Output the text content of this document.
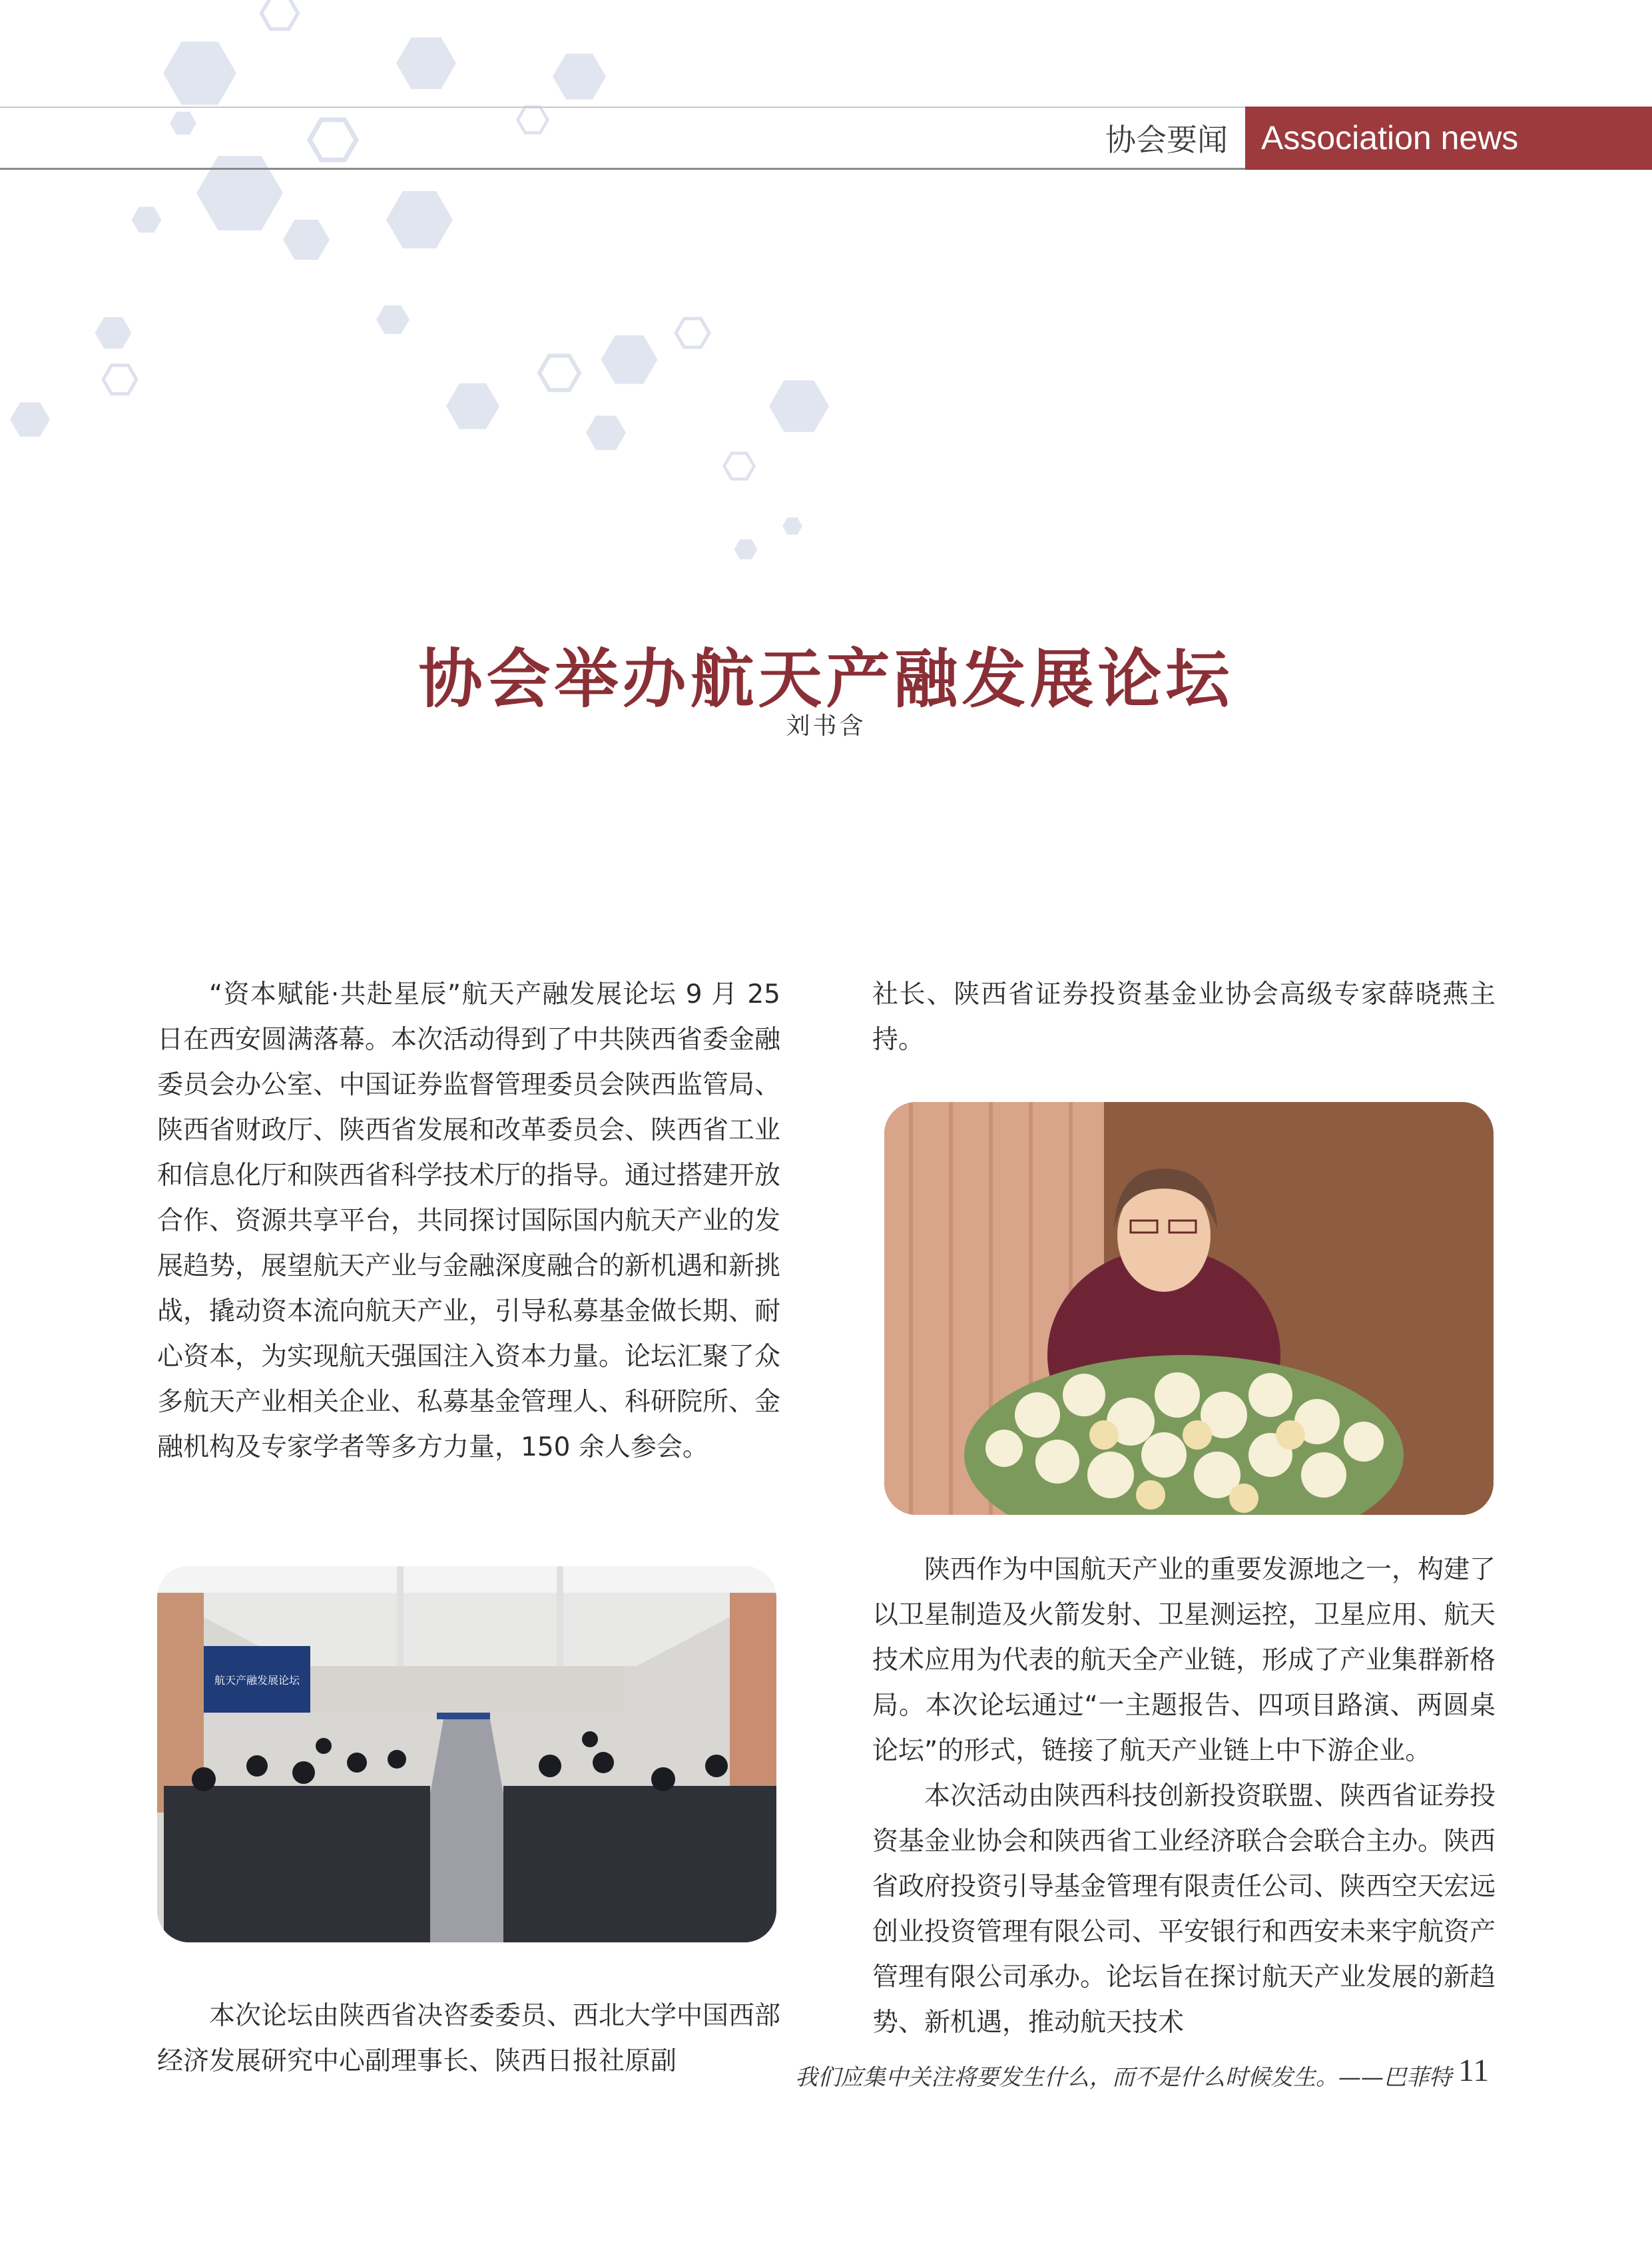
协会要闻	Association news
协会举办航天产融发展论坛
刘书含

“资本赋能·共赴星辰”航天产融发展论坛 9 月 25 日在西安圆满落幕。本次活动得到了中共陕西省委金融委员会办公室、中国证券监督管理委员会陕西监管局、陕西省财政厅、陕西省发展和改革委员会、陕西省工业和信息化厅和陕西省科学技术厅的指导。通过搭建开放合作、资源共享平台，共同探讨国际国内航天产业的发展趋势，展望航天产业与金融深度融合的新机遇和新挑战，撬动资本流向航天产业，引导私募基金做长期、耐心资本，为实现航天强国注入资本力量。论坛汇聚了众多航天产业相关企业、私募基金管理人、科研院所、金融机构及专家学者等多方力量，150 余人参会。

航天产融发展论坛

本次论坛由陕西省决咨委委员、西北大学中国西部经济发展研究中心副理事长、陕西日报社原副

社长、陕西省证券投资基金业协会高级专家薛晓燕主持。

陕西作为中国航天产业的重要发源地之一，构建了以卫星制造及火箭发射、卫星测运控，卫星应用、航天技术应用为代表的航天全产业链，形成了产业集群新格局。本次论坛通过“一主题报告、四项目路演、两圆桌论坛”的形式，链接了航天产业链上中下游企业。

本次活动由陕西科技创新投资联盟、陕西省证券投资基金业协会和陕西省工业经济联合会联合主办。陕西省政府投资引导基金管理有限责任公司、陕西空天宏远创业投资管理有限公司、平安银行和西安未来宇航资产管理有限公司承办。论坛旨在探讨航天产业发展的新趋势、新机遇，推动航天技术

我们应集中关注将要发生什么，而不是什么时候发生。——巴菲特 11
